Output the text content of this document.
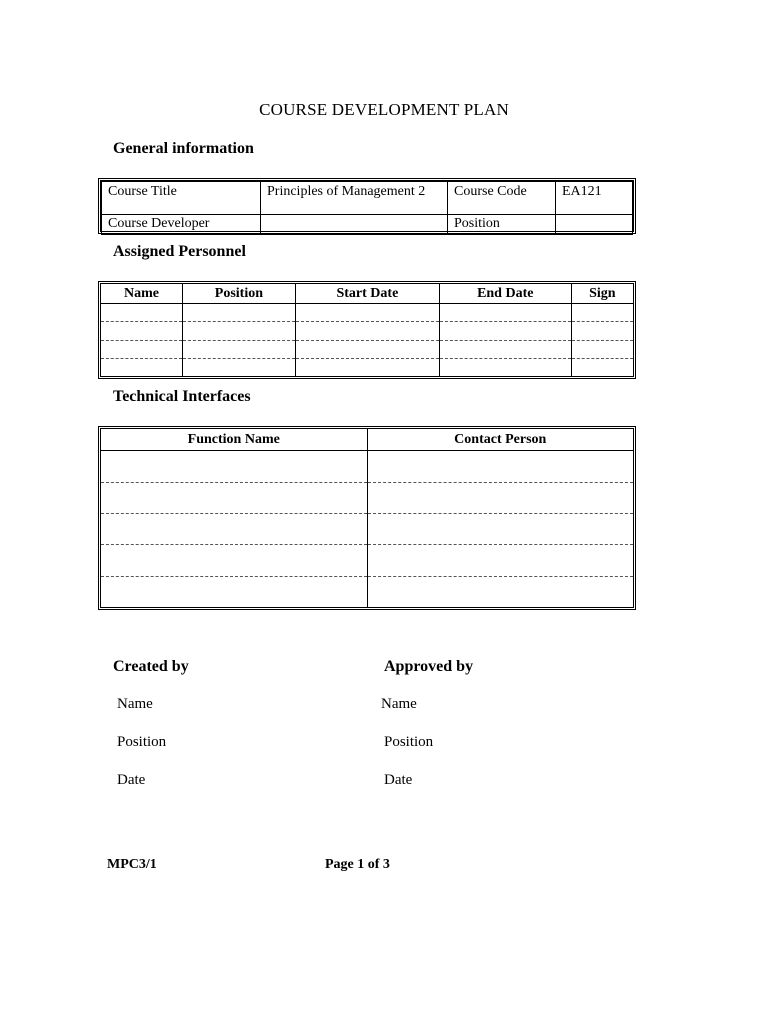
COURSE DEVELOPMENT PLAN
General information
Course Title	Principles of Management 2	Course Code	EA121
Course Developer		Position	
Assigned Personnel
Name	Position	Start Date	End Date	Sign

Technical Interfaces
Function Name	Contact Person

Created by	Approved by
Name	Name
Position	Position
Date	Date
MPC3/1	Page 1 of 3
